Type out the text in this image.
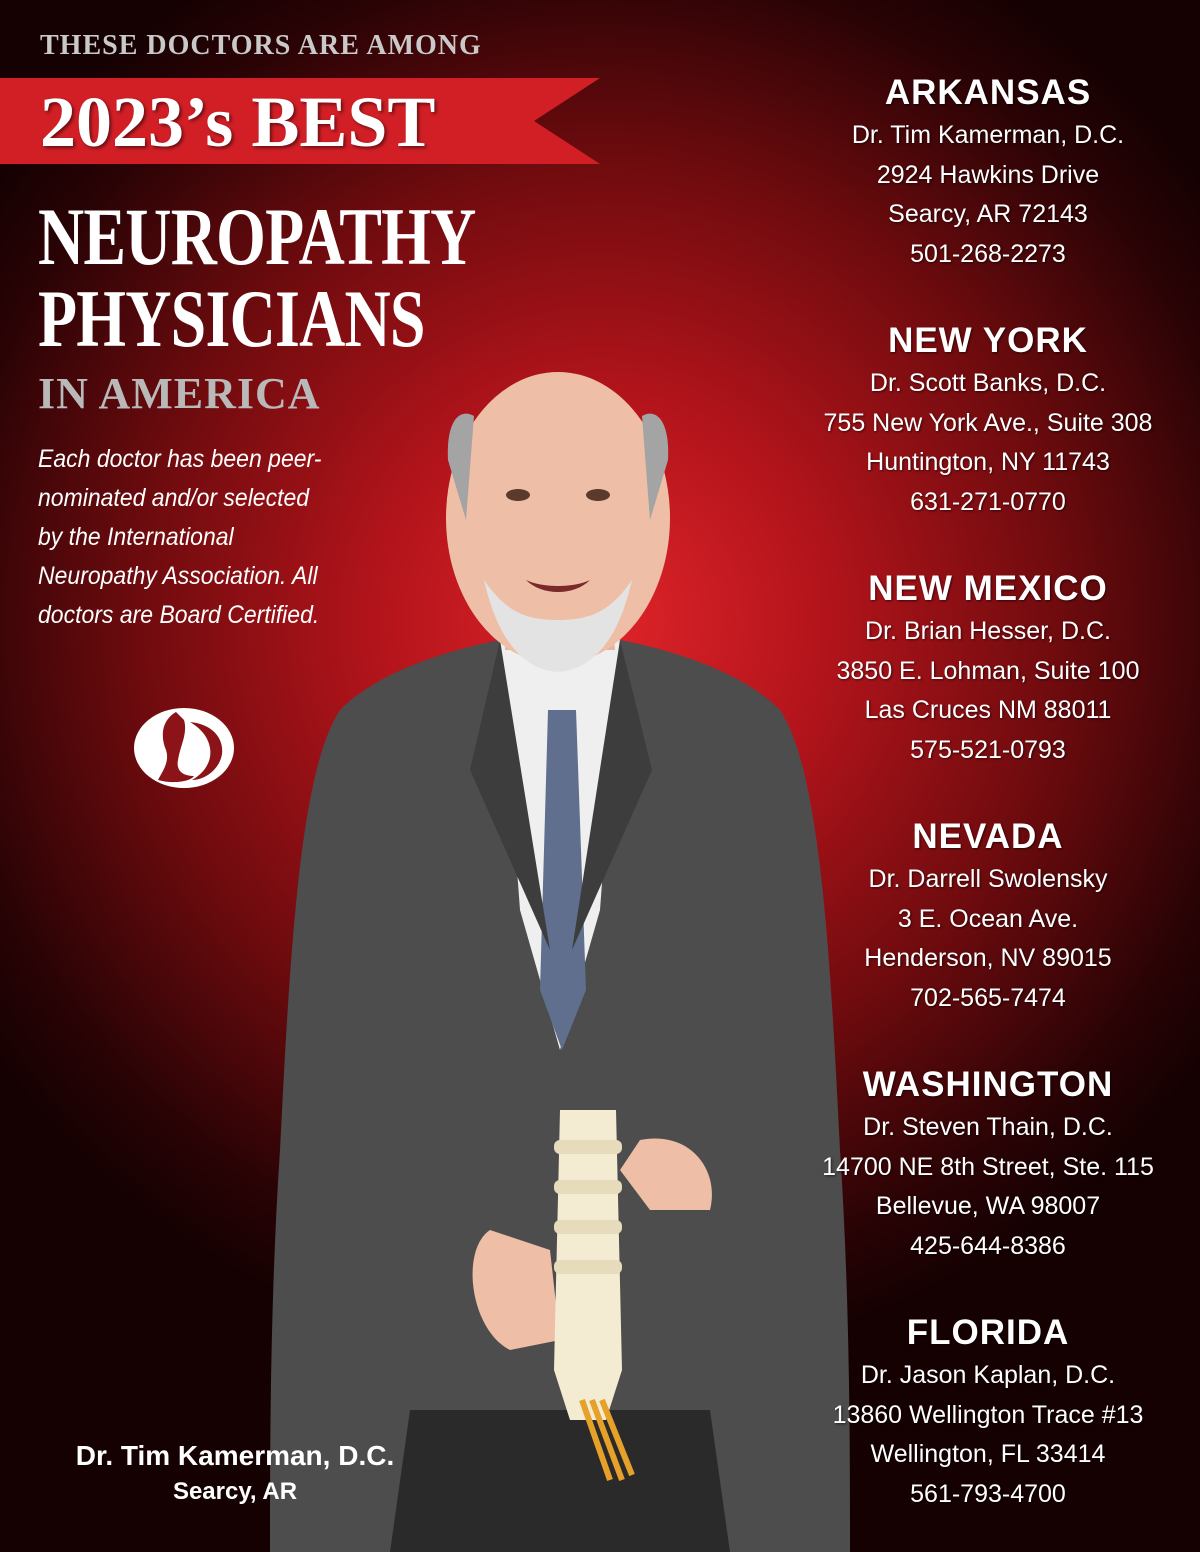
THESE DOCTORS ARE AMONG

2023’s BEST
NEUROPATHY
PHYSICIANS
IN AMERICA

Each doctor has been peer-nominated and/or selected by the International Neuropathy Association. All doctors are Board Certified.

Dr. Tim Kamerman, D.C.

Searcy, AR

ARKANSAS

Dr. Tim Kamerman, D.C.

2924 Hawkins Drive

Searcy, AR 72143

501-268-2273

NEW YORK

Dr. Scott Banks, D.C.

755 New York Ave., Suite 308

Huntington, NY 11743

631-271-0770

NEW MEXICO

Dr. Brian Hesser, D.C.

3850 E. Lohman, Suite 100

Las Cruces NM 88011

575-521-0793

NEVADA

Dr. Darrell Swolensky

3 E. Ocean Ave.

Henderson, NV 89015

702-565-7474

WASHINGTON

Dr. Steven Thain, D.C.

14700 NE 8th Street, Ste. 115

Bellevue, WA 98007

425-644-8386

FLORIDA

Dr. Jason Kaplan, D.C.

13860 Wellington Trace #13

Wellington, FL 33414

561-793-4700
